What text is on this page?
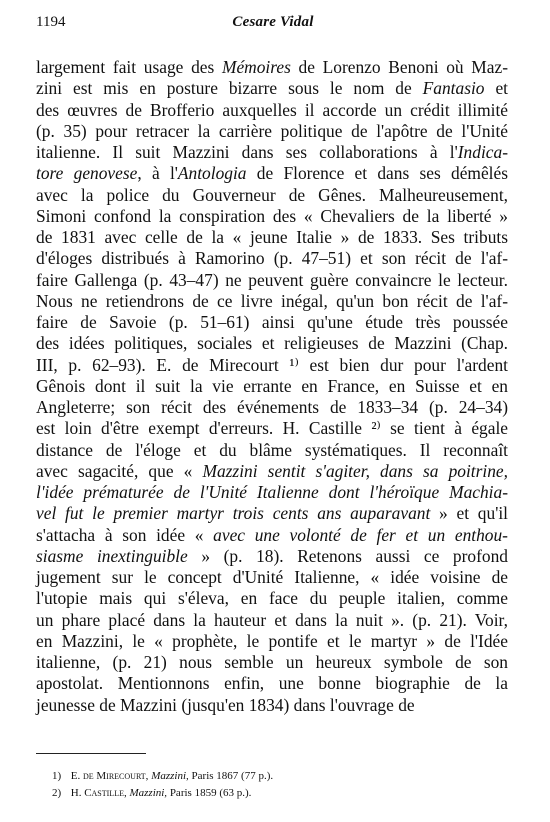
1194	Cesare Vidal
largement fait usage des Mémoires de Lorenzo Benoni où Maz-
zini est mis en posture bizarre sous le nom de Fantasio et
des œuvres de Brofferio auxquelles il accorde un crédit illimité
(p. 35) pour retracer la carrière politique de l'apôtre de l'Unité
italienne. Il suit Mazzini dans ses collaborations à l'Indica-
tore genovese, à l'Antologia de Florence et dans ses démêlés
avec la police du Gouverneur de Gênes. Malheureusement,
Simoni confond la conspiration des « Chevaliers de la liberté »
de 1831 avec celle de la « jeune Italie » de 1833. Ses tributs
d'éloges distribués à Ramorino (p. 47–51) et son récit de l'af-
faire Gallenga (p. 43–47) ne peuvent guère convaincre le lecteur.
Nous ne retiendrons de ce livre inégal, qu'un bon récit de l'af-
faire de Savoie (p. 51–61) ainsi qu'une étude très poussée
des idées politiques, sociales et religieuses de Mazzini (Chap.
III, p. 62–93). E. de Mirecourt ¹⁾ est bien dur pour l'ardent
Gênois dont il suit la vie errante en France, en Suisse et en
Angleterre; son récit des événements de 1833–34 (p. 24–34)
est loin d'être exempt d'erreurs. H. Castille ²⁾ se tient à égale
distance de l'éloge et du blâme systématiques. Il reconnaît
avec sagacité, que « Mazzini sentit s'agiter, dans sa poitrine,
l'idée prématurée de l'Unité Italienne dont l'héroïque Machia-
vel fut le premier martyr trois cents ans auparavant » et qu'il
s'attacha à son idée « avec une volonté de fer et un enthou-
siasme inextinguible » (p. 18). Retenons aussi ce profond
jugement sur le concept d'Unité Italienne, « idée voisine de
l'utopie mais qui s'éleva, en face du peuple italien, comme
un phare placé dans la hauteur et dans la nuit ». (p. 21). Voir,
en Mazzini, le « prophète, le pontife et le martyr » de l'Idée
italienne, (p. 21) nous semble un heureux symbole de son
apostolat. Mentionnons enfin, une bonne biographie de la
jeunesse de Mazzini (jusqu'en 1834) dans l'ouvrage de
1) E. de Mirecourt, Mazzini, Paris 1867 (77 p.).
2) H. Castille, Mazzini, Paris 1859 (63 p.).
